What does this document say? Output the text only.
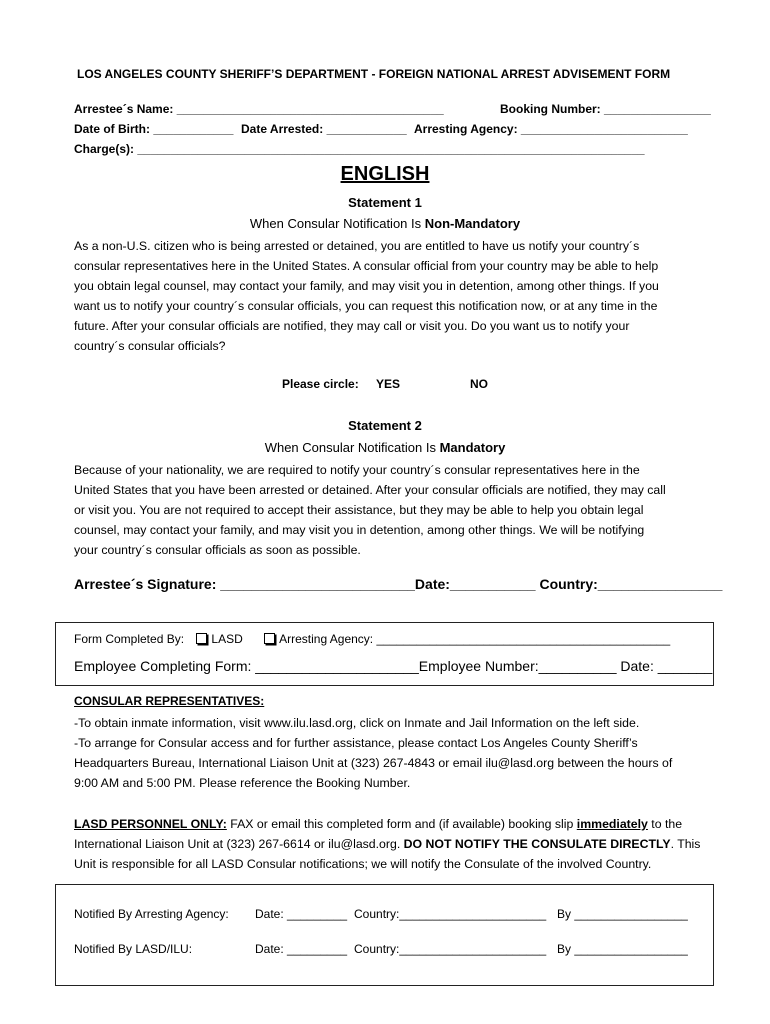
LOS ANGELES COUNTY SHERIFF’S DEPARTMENT - FOREIGN NATIONAL ARREST ADVISEMENT FORM
Arrestee´s Name: ________________________________________	Booking Number: ________________
Date of Birth: ____________ Date Arrested: ____________ Arresting Agency: _________________________
Charge(s): ____________________________________________________________________________
ENGLISH
Statement 1
When Consular Notification Is Non-Mandatory
As a non-U.S. citizen who is being arrested or detained, you are entitled to have us notify your country´s
consular representatives here in the United States. A consular official from your country may be able to help
you obtain legal counsel, may contact your family, and may visit you in detention, among other things. If you
want us to notify your country´s consular officials, you can request this notification now, or at any time in the
future. After your consular officials are notified, they may call or visit you. Do you want us to notify your
country´s consular officials?
Please circle: YES	NO
Statement 2
When Consular Notification Is Mandatory
Because of your nationality, we are required to notify your country´s consular representatives here in the
United States that you have been arrested or detained. After your consular officials are notified, they may call
or visit you. You are not required to accept their assistance, but they may be able to help you obtain legal
counsel, may contact your family, and may visit you in detention, among other things. We will be notifying
your country´s consular officials as soon as possible.
Arrestee´s Signature: _________________________Date:___________ Country:________________
Form Completed By: LASD	Arresting Agency: ____________________________________________
Employee Completing Form: _____________________Employee Number:__________ Date: _______
CONSULAR REPRESENTATIVES:
-To obtain inmate information, visit www.ilu.lasd.org, click on Inmate and Jail Information on the left side.
-To arrange for Consular access and for further assistance, please contact Los Angeles County Sheriff’s
Headquarters Bureau, International Liaison Unit at (323) 267-4843 or email ilu@lasd.org between the hours of
9:00 AM and 5:00 PM. Please reference the Booking Number.
LASD PERSONNEL ONLY: FAX or email this completed form and (if available) booking slip immediately to the
International Liaison Unit at (323) 267-6614 or ilu@lasd.org. DO NOT NOTIFY THE CONSULATE DIRECTLY. This
Unit is responsible for all LASD Consular notifications; we will notify the Consulate of the involved Country.
Notified By Arresting Agency: Date: _________ Country:______________________ By _________________
Notified By LASD/ILU:	Date: _________ Country:______________________ By _________________
